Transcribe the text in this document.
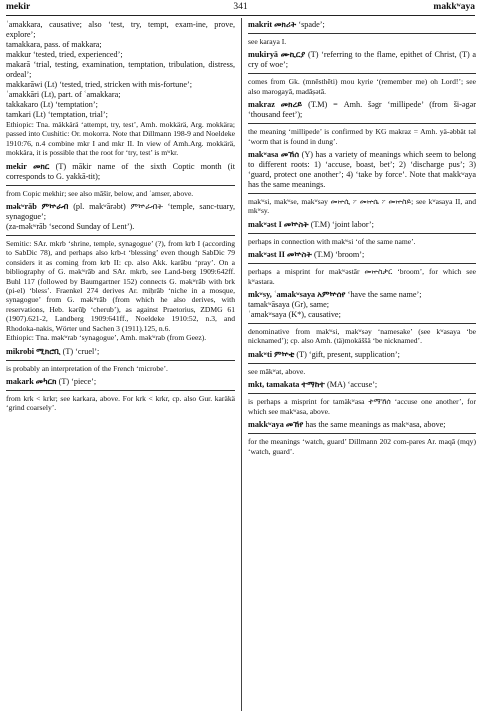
mekir	341	makkʷaya

ʿamakkara, causative; also ‘test, try, tempt, exam-ine, prove, explore’;

tamakkara, pass. of makkara;

makkur ‘tested, tried, experienced’;

makarā ‘trial, testing, examination, temptation, tribulation, distress, ordeal’;

makkarāwi (Lt) ‘tested, tried, stricken with mis-fortune’;

ʿamakkāri (Lt), part. of ʿamakkara;

takkakaro (Lt) ‘temptation’;

tamkari (Lt) ‘temptation, trial’;

Ethiopic: Tna. mäkkärä ‘attempt, try, test’, Amh. mokkärä, Arg. mokkära; passed into Cushitic: Or. mokorra. Note that Dillmann 198-9 and Noeldeke 1910:76, n.4 combine mkr I and mkr II. In view of Amh.Arg. mokkärä, mokkära, it is possible that the root for ‘try, test’ is mʷkr.

mekir መክር (T) mākir name of the sixth Coptic month (it corresponds to G. yakkā-tit);

from Copic mekhir; see also māšir, below, and ʿamser, above.

məkʷrāb ምኵራብ (pl. makʷārəbt) ምኵራብት ‘temple, sanc-tuary, synagogue’;

(za-məkʷrāb ‘second Sunday of Lent’).

Semitic: SAr. mkrb ‘shrine, temple, synagogue’ (?), from krb I (according to SabDic 78), and perhaps also krb-t ‘blessing’ even though SabDic 79 considers it as coming from krb II: cp. also Akk. karābu ‘pray’. On a bibliography of G. məkʷrāb and SAr. mkrb, see Land-berg 1909:642ff. Buhl 117 (followed by Baumgartner 152) connects G. məkʷrāb with brk (pi-el) ‘bless’. Fraenkel 274 derives Ar. miḥrāb ‘niche in a mosque, synagogue’ from G. məkʷrāb (from which he also derives, with reservations, Heb. kərūḇ ‘cherub’), as against Praetorius, ZDMG 61 (1907).621-2, Landberg 1909:641ff., Noeldeke 1910:52, n.3, and Rhodoka-nakis, Wörter und Sachen 3 (1911).125, n.6.

Ethiopic: Tna. məkʷrab ‘synagogue’, Amh. məkʷrab (from Geez).

mikrobi ሚክሮቢ (T) ‘cruel’;

is probably an interpretation of the French ‘microbe’.

makark መካርክ (T) ‘piece’;

from krk < krkr; see karkara, above. For krk < krkr, cp. also Gur. karäkä ‘grind coarsely’.

makrit መክሪት ‘spade’;

see karaya I.

mukiryā ሙኪርያ (T) ‘referring to the flame, epithet of Christ, (T) a cry of woe’;

comes from Gk. (mnēsthēti) mou kyrie ‘(remember me) oh Lord!’; see also mərogayā, madāṣətā.

makraz መክረይ (T.M) = Amh. šəgr ‘millipede’ (from ši-əgər ‘thousand feet’);

the meaning ‘millipede’ is confirmed by KG makraz = Amh. yä-əbbät təl ‘worm that is found in dung’.

makʷasa መኸሰ (Y) has a variety of meanings which seem to belong to different roots: 1) ‘accuse, boast, bet’; 2) ‘discharge pus’; 3) ‘guard, protect one another’; 4) ‘take by force’. Note that makkʷaya has the same meanings.

makʷsi, makʷse, makʷsəy መኵሲ ፦ መኵሴ ፦ መኵስይ; see kʷasaya II, and mkʷsy.

makʷəst I መኵስት (T.M) ‘joint labor’;

perhaps in connection with makʷsi ‘of the same name’.

makʷəst II መኵስት (T.M) ‘broom’;

perhaps a misprint for makʷəstār መኵስታር ‘broom’, for which see kʷastara.

mkʷsy, ʿamakʷsaya አምኵሰየ ‘have the same name’;

tamakʷāsaya (Gr), same;

ʿamakʷsaya (K*), causative;

denominative from makʷsi, makʷsəy ‘namesake’ (see kʷasaya ‘be nicknamed’); cp. also Amh. (tä)mokäššä ‘be nicknamed’.

makʷti ምኵቲ (T) ‘gift, present, supplication’;

see mākʷat, above.

mkt, tamakata ተማከተ (MA) ‘accuse’;

is perhaps a misprint for tamäkʷasa ተማኸሰ ‘accuse one another’, for which see makʷasa, above.

makkʷaya መኸየ has the same meanings as makʷasa, above;

for the meanings ‘watch, guard’ Dillmann 202 com-pares Ar. maqā (mqy) ‘watch, guard’.
